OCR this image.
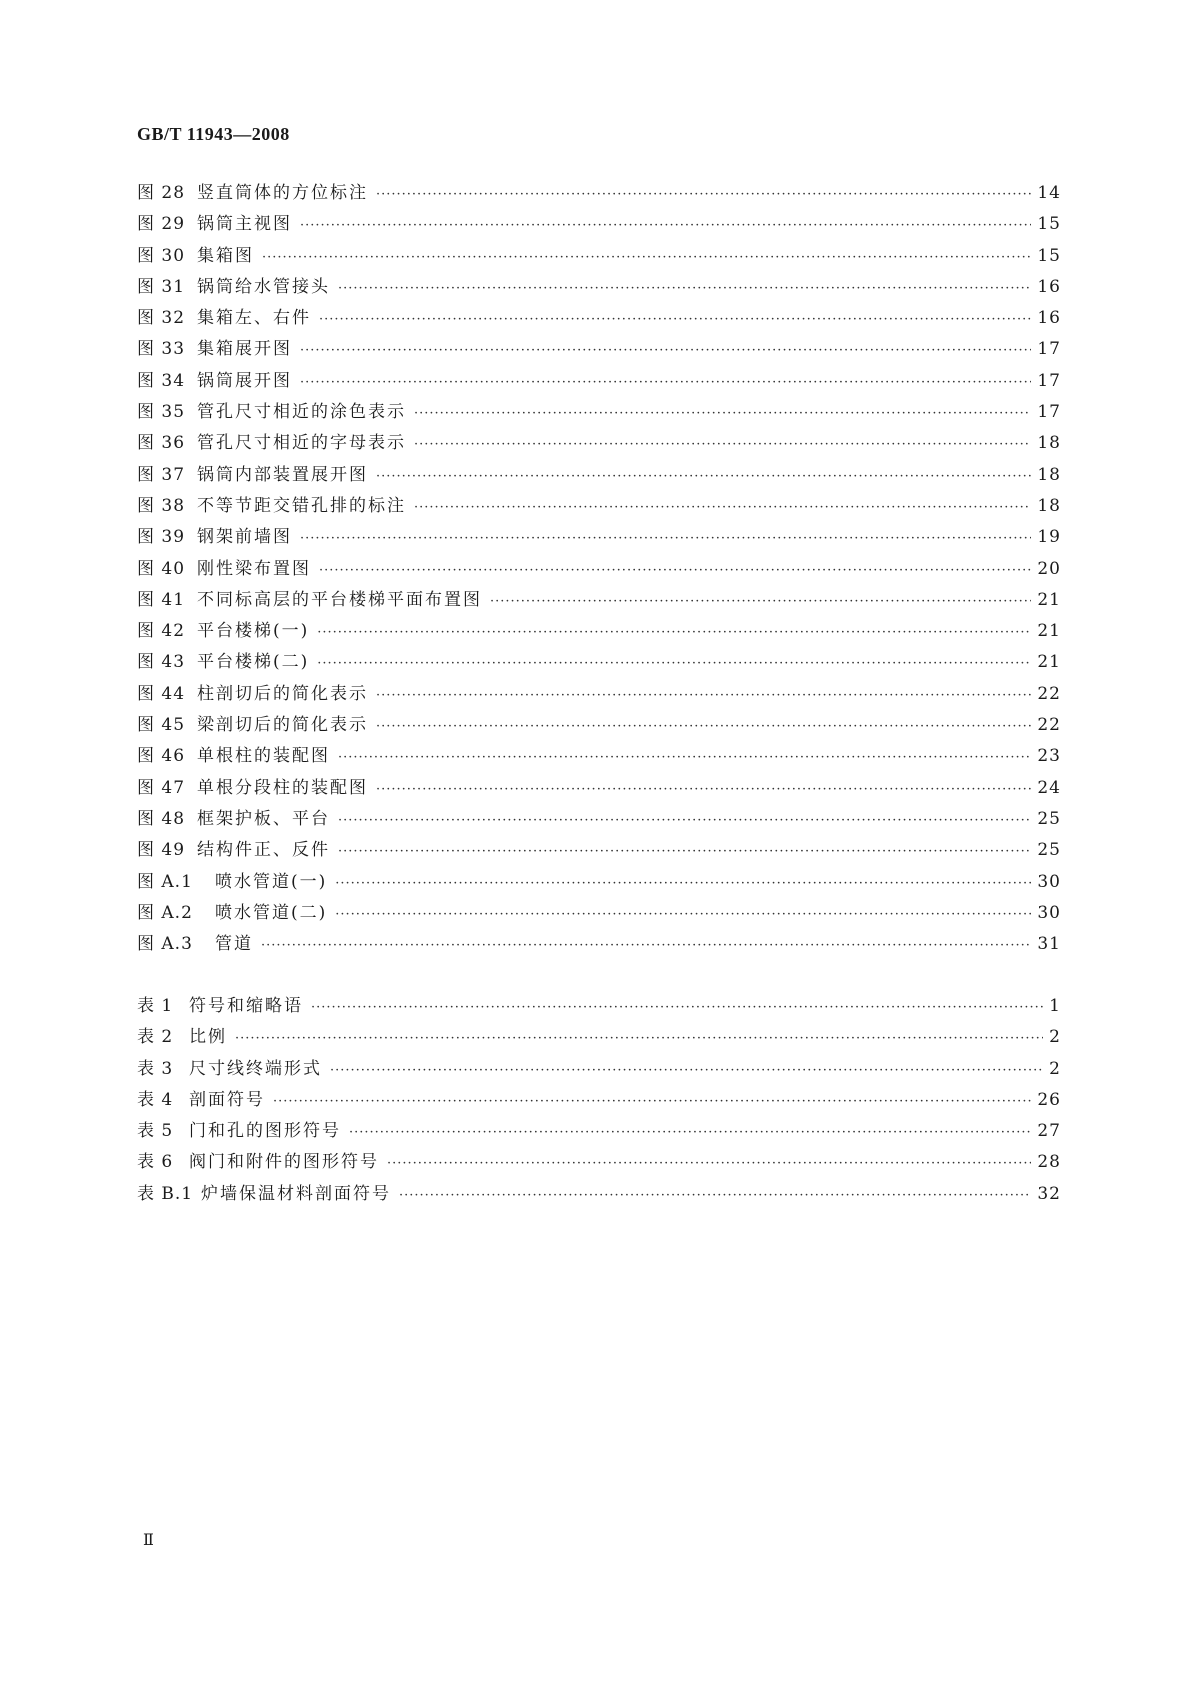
GB/T 11943—2008
图 28 竖直筒体的方位标注 ·····	14
图 29 锅筒主视图 ·····	15
图 30 集箱图 ·····	15
图 31 锅筒给水管接头 ·····	16
图 32 集箱左、右件 ·····	16
图 33 集箱展开图 ·····	17
图 34 锅筒展开图 ·····	17
图 35 管孔尺寸相近的涂色表示 ·····	17
图 36 管孔尺寸相近的字母表示 ·····	18
图 37 锅筒内部装置展开图 ·····	18
图 38 不等节距交错孔排的标注 ·····	18
图 39 钢架前墙图 ·····	19
图 40 刚性梁布置图 ·····	20
图 41 不同标高层的平台楼梯平面布置图 ·····	21
图 42 平台楼梯(一) ·····	21
图 43 平台楼梯(二) ·····	21
图 44 柱剖切后的简化表示 ·····	22
图 45 梁剖切后的简化表示 ·····	22
图 46 单根柱的装配图 ·····	23
图 47 单根分段柱的装配图 ·····	24
图 48 框架护板、平台 ·····	25
图 49 结构件正、反件 ·····	25
图 A.1	喷水管道(一) ·····	30
图 A.2	喷水管道(二) ·····	30
图 A.3	管道 ·····	31
表 1 符号和缩略语 ·····	1
表 2 比例 ·····	2
表 3 尺寸线终端形式 ·····	2
表 4 剖面符号 ·····	26
表 5 门和孔的图形符号 ·····	27
表 6 阀门和附件的图形符号 ·····	28
表 B.1 炉墙保温材料剖面符号 ·····	32
Ⅱ
